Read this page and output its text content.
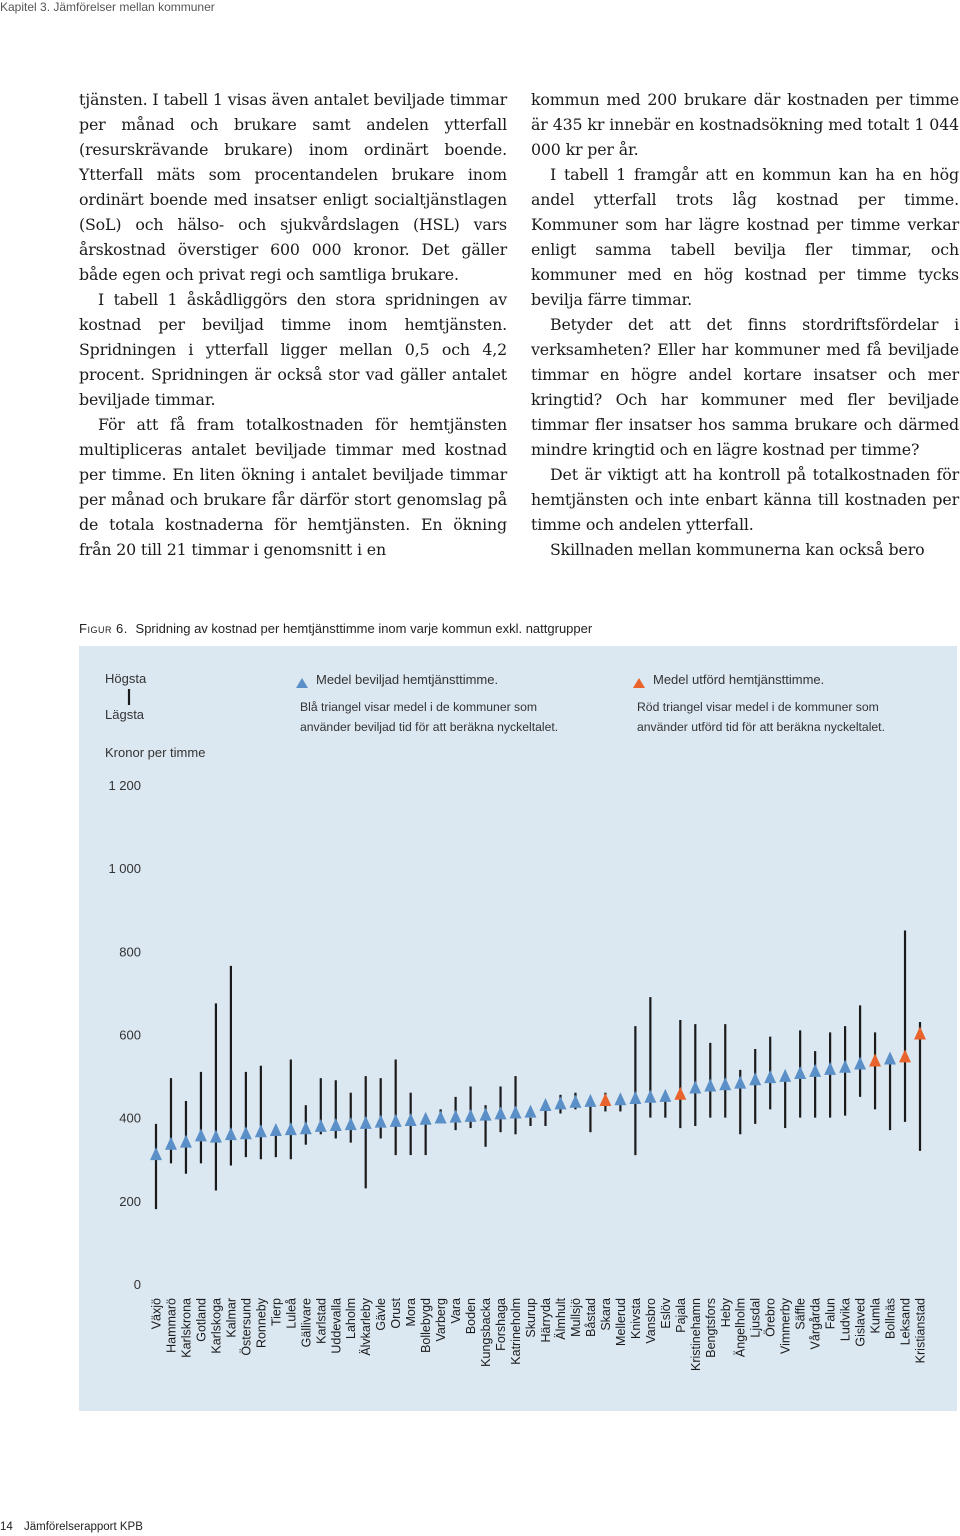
Kapitel 3. Jämförelser mellan kommuner

tjänsten. I tabell 1 visas även antalet beviljade timmar per månad och brukare samt andelen ytterfall (resurskrävande brukare) inom ordinärt boende. Ytterfall mäts som procentandelen brukare inom ordinärt boende med insatser enligt socialtjänstlagen (SoL) och hälso- och sjukvårdslagen (HSL) vars årskostnad överstiger 600 000 kronor. Det gäller både egen och privat regi och samtliga brukare.

I tabell 1 åskådliggörs den stora spridningen av kostnad per beviljad timme inom hemtjänsten. Spridningen i ytterfall ligger mellan 0,5 och 4,2 procent. Spridningen är också stor vad gäller antalet beviljade timmar.

För att få fram totalkostnaden för hemtjänsten multipliceras antalet beviljade timmar med kostnad per timme. En liten ökning i antalet beviljade timmar per månad och brukare får därför stort genomslag på de totala kostnaderna för hemtjänsten. En ökning från 20 till 21 timmar i genomsnitt i en

kommun med 200 brukare där kostnaden per timme är 435 kr innebär en kostnadsökning med totalt 1 044 000 kr per år.

I tabell 1 framgår att en kommun kan ha en hög andel ytterfall trots låg kostnad per timme. Kommuner som har lägre kostnad per timme verkar enligt samma tabell bevilja fler timmar, och kommuner med en hög kostnad per timme tycks bevilja färre timmar.

Betyder det att det finns stordriftsfördelar i verksamheten? Eller har kommuner med få beviljade timmar en högre andel kortare insatser och mer kringtid? Och har kommuner med fler beviljade timmar fler insatser hos samma brukare och därmed mindre kringtid och en lägre kostnad per timme?

Det är viktigt att ha kontroll på totalkostnaden för hemtjänsten och inte enbart känna till kostnaden per timme och andelen ytterfall.

Skillnaden mellan kommunerna kan också bero

Figur 6. Spridning av kostnad per hemtjänsttimme inom varje kommun exkl. nattgrupper
Högsta
Lägsta
Kronor per timme
Medel beviljad hemtjänsttimme.
Blå triangel visar medel i de kommuner som använder beviljad tid för att beräkna nyckeltalet.
Medel utförd hemtjänsttimme.
Röd triangel visar medel i de kommuner som använder utförd tid för att beräkna nyckeltalet.
0
200
400
600
800
1 000
1 200
Växjö Hammarö Karlskrona Gotland Karlskoga Kalmar Östersund Ronneby Tierp Luleå Gällivare Karlstad Uddevalla Laholm Älvkarleby Gävle Orust Mora Bollebygd Varberg Vara Boden Kungsbacka Forshaga Katrineholm Skurup Härryda Älmhult Mullsjö Båstad Skara Mellerud Knivsta Vansbro Eslöv Pajala Kristinehamn Bengtsfors Heby Ängelholm Ljusdal Örebro Vimmerby Säffle Vårgårda Falun Ludvika Gislaved Kumla Bollnäs Leksand Kristianstad
14 Jämförelserapport KPB
